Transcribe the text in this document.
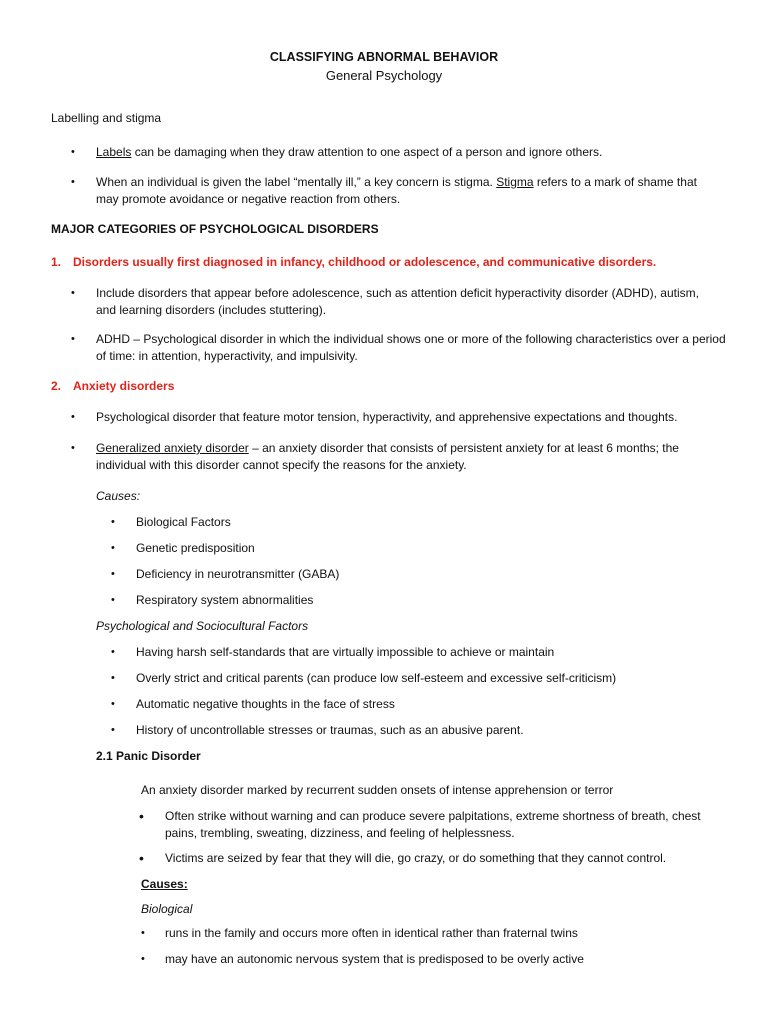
CLASSIFYING ABNORMAL BEHAVIOR
General Psychology
Labelling and stigma
• Labels can be damaging when they draw attention to one aspect of a person and ignore others.
• When an individual is given the label “mentally ill,” a key concern is stigma. Stigma refers to a mark of shame that may promote avoidance or negative reaction from others.
MAJOR CATEGORIES OF PSYCHOLOGICAL DISORDERS
1. Disorders usually first diagnosed in infancy, childhood or adolescence, and communicative disorders.
• Include disorders that appear before adolescence, such as attention deficit hyperactivity disorder (ADHD), autism, and learning disorders (includes stuttering).
• ADHD – Psychological disorder in which the individual shows one or more of the following characteristics over a period of time: in attention, hyperactivity, and impulsivity.
2. Anxiety disorders
• Psychological disorder that feature motor tension, hyperactivity, and apprehensive expectations and thoughts.
• Generalized anxiety disorder – an anxiety disorder that consists of persistent anxiety for at least 6 months; the individual with this disorder cannot specify the reasons for the anxiety.
Causes:
• Biological Factors
• Genetic predisposition
• Deficiency in neurotransmitter (GABA)
• Respiratory system abnormalities
Psychological and Sociocultural Factors
• Having harsh self-standards that are virtually impossible to achieve or maintain
• Overly strict and critical parents (can produce low self-esteem and excessive self-criticism)
• Automatic negative thoughts in the face of stress
• History of uncontrollable stresses or traumas, such as an abusive parent.
2.1 Panic Disorder
An anxiety disorder marked by recurrent sudden onsets of intense apprehension or terror
• Often strike without warning and can produce severe palpitations, extreme shortness of breath, chest pains, trembling, sweating, dizziness, and feeling of helplessness.
• Victims are seized by fear that they will die, go crazy, or do something that they cannot control.
Causes:
Biological
• runs in the family and occurs more often in identical rather than fraternal twins
• may have an autonomic nervous system that is predisposed to be overly active
